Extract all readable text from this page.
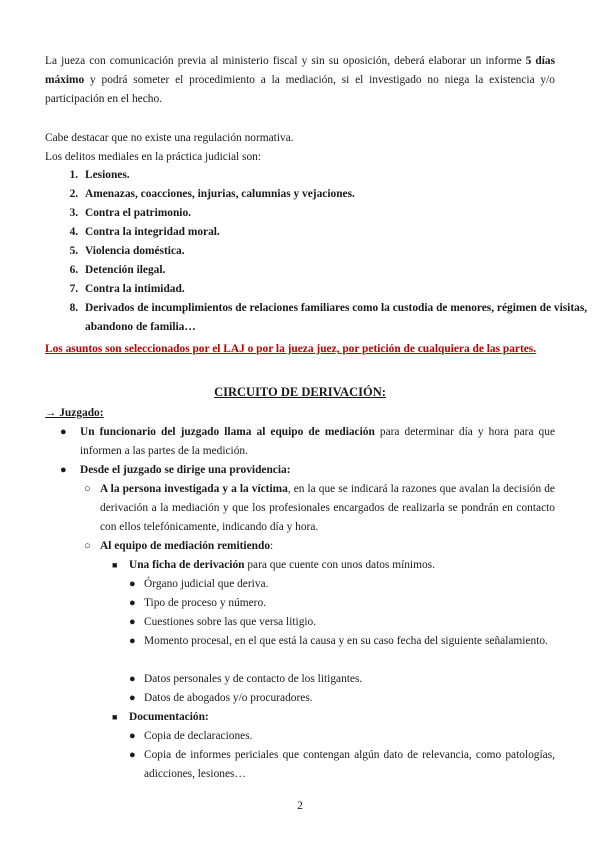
La jueza con comunicación previa al ministerio fiscal y sin su oposición, deberá elaborar un informe 5 días máximo y podrá someter el procedimiento a la mediación, si el investigado no niega la existencia y/o participación en el hecho.

Cabe destacar que no existe una regulación normativa.
Los delitos mediales en la práctica judicial son:
1. Lesiones.
2. Amenazas, coacciones, injurias, calumnias y vejaciones.
3. Contra el patrimonio.
4. Contra la integridad moral.
5. Violencia doméstica.
6. Detención ilegal.
7. Contra la intimidad.
8. Derivados de incumplimientos de relaciones familiares como la custodia de menores, régimen de visitas, abandono de familia…
Los asuntos son seleccionados por el LAJ o por la jueza juez, por petición de cualquiera de las partes.
CIRCUITO DE DERIVACIÓN:
→ Juzgado:
● Un funcionario del juzgado llama al equipo de mediación para determinar día y hora para que informen a las partes de la medición.
● Desde el juzgado se dirige una providencia:
○ A la persona investigada y a la víctima, en la que se indicará la razones que avalan la decisión de derivación a la mediación y que los profesionales encargados de realizarla se pondrán en contacto con ellos telefónicamente, indicando día y hora.
○ Al equipo de mediación remitiendo:
■ Una ficha de derivación para que cuente con unos datos mínimos.
● Órgano judicial que deriva.
● Tipo de proceso y número.
● Cuestiones sobre las que versa litigio.
● Momento procesal, en el que está la causa y en su caso fecha del siguiente señalamiento.
● Datos personales y de contacto de los litigantes.
● Datos de abogados y/o procuradores.
■ Documentación:
● Copia de declaraciones.
● Copia de informes periciales que contengan algún dato de relevancia, como patologías, adicciones, lesiones…
2
